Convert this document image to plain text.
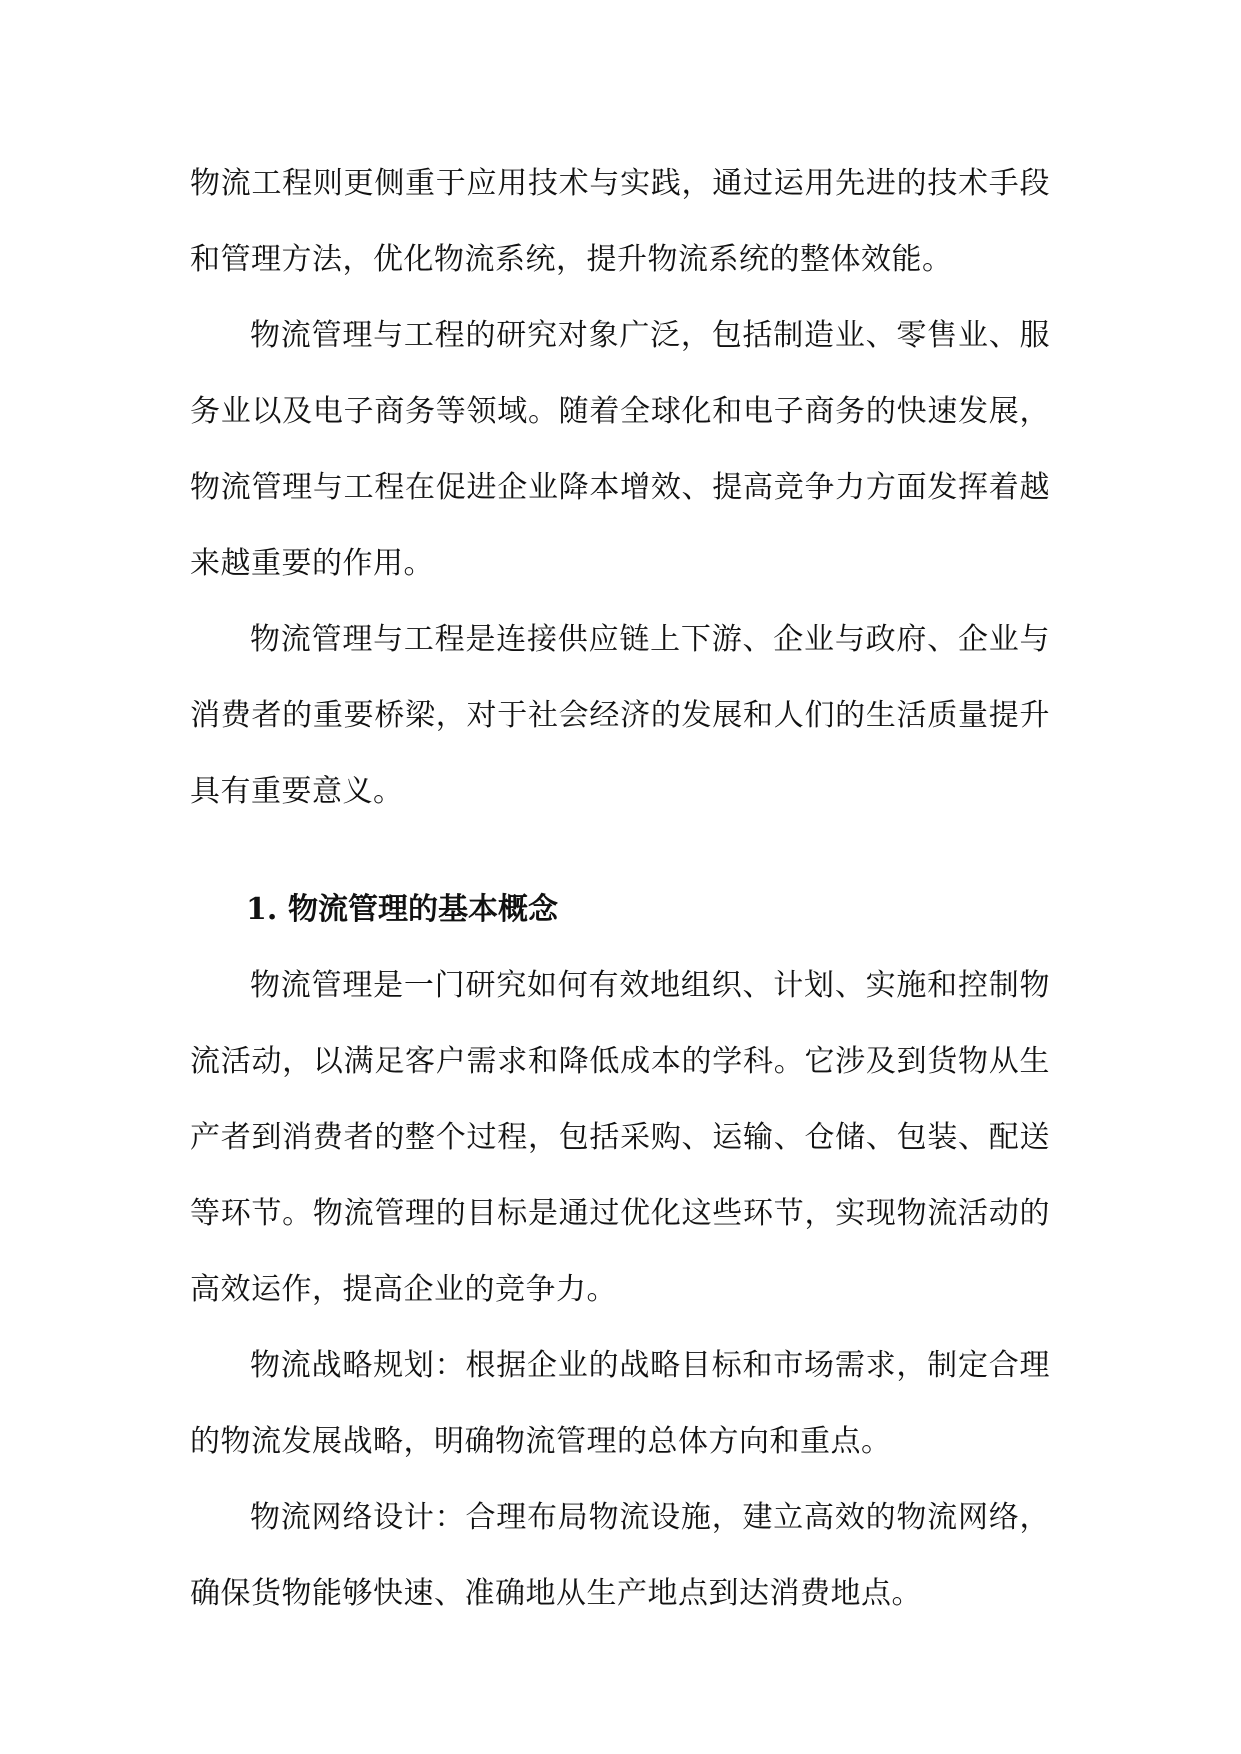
物流工程则更侧重于应用技术与实践，通过运用先进的技术手段和管理方法，优化物流系统，提升物流系统的整体效能。

物流管理与工程的研究对象广泛，包括制造业、零售业、服务业以及电子商务等领域。随着全球化和电子商务的快速发展，物流管理与工程在促进企业降本增效、提高竞争力方面发挥着越来越重要的作用。

物流管理与工程是连接供应链上下游、企业与政府、企业与消费者的重要桥梁，对于社会经济的发展和人们的生活质量提升具有重要意义。

1. 物流管理的基本概念

物流管理是一门研究如何有效地组织、计划、实施和控制物流活动，以满足客户需求和降低成本的学科。它涉及到货物从生产者到消费者的整个过程，包括采购、运输、仓储、包装、配送等环节。物流管理的目标是通过优化这些环节，实现物流活动的高效运作，提高企业的竞争力。

物流战略规划：根据企业的战略目标和市场需求，制定合理的物流发展战略，明确物流管理的总体方向和重点。

物流网络设计：合理布局物流设施，建立高效的物流网络，确保货物能够快速、准确地从生产地点到达消费地点。
